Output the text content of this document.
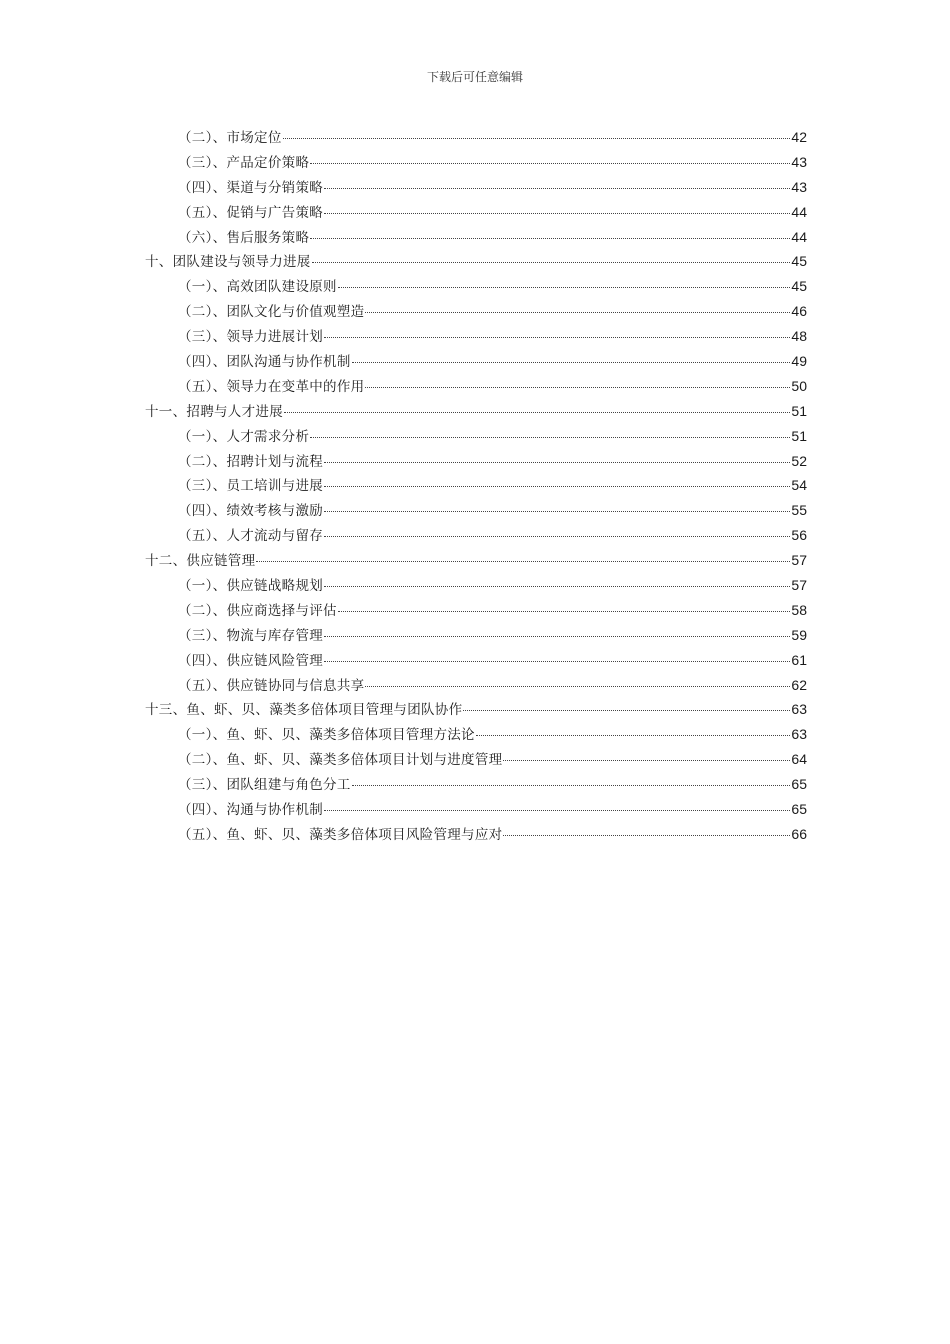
下载后可任意编辑
（二）、市场定位	42
（三）、产品定价策略	43
（四）、渠道与分销策略	43
（五）、促销与广告策略	44
（六）、售后服务策略	44
十、团队建设与领导力进展	45
（一）、高效团队建设原则	45
（二）、团队文化与价值观塑造	46
（三）、领导力进展计划	48
（四）、团队沟通与协作机制	49
（五）、领导力在变革中的作用	50
十一、招聘与人才进展	51
（一）、人才需求分析	51
（二）、招聘计划与流程	52
（三）、员工培训与进展	54
（四）、绩效考核与激励	55
（五）、人才流动与留存	56
十二、供应链管理	57
（一）、供应链战略规划	57
（二）、供应商选择与评估	58
（三）、物流与库存管理	59
（四）、供应链风险管理	61
（五）、供应链协同与信息共享	62
十三、鱼、虾、贝、藻类多倍体项目管理与团队协作	63
（一）、鱼、虾、贝、藻类多倍体项目管理方法论	63
（二）、鱼、虾、贝、藻类多倍体项目计划与进度管理	64
（三）、团队组建与角色分工	65
（四）、沟通与协作机制	65
（五）、鱼、虾、贝、藻类多倍体项目风险管理与应对	66
